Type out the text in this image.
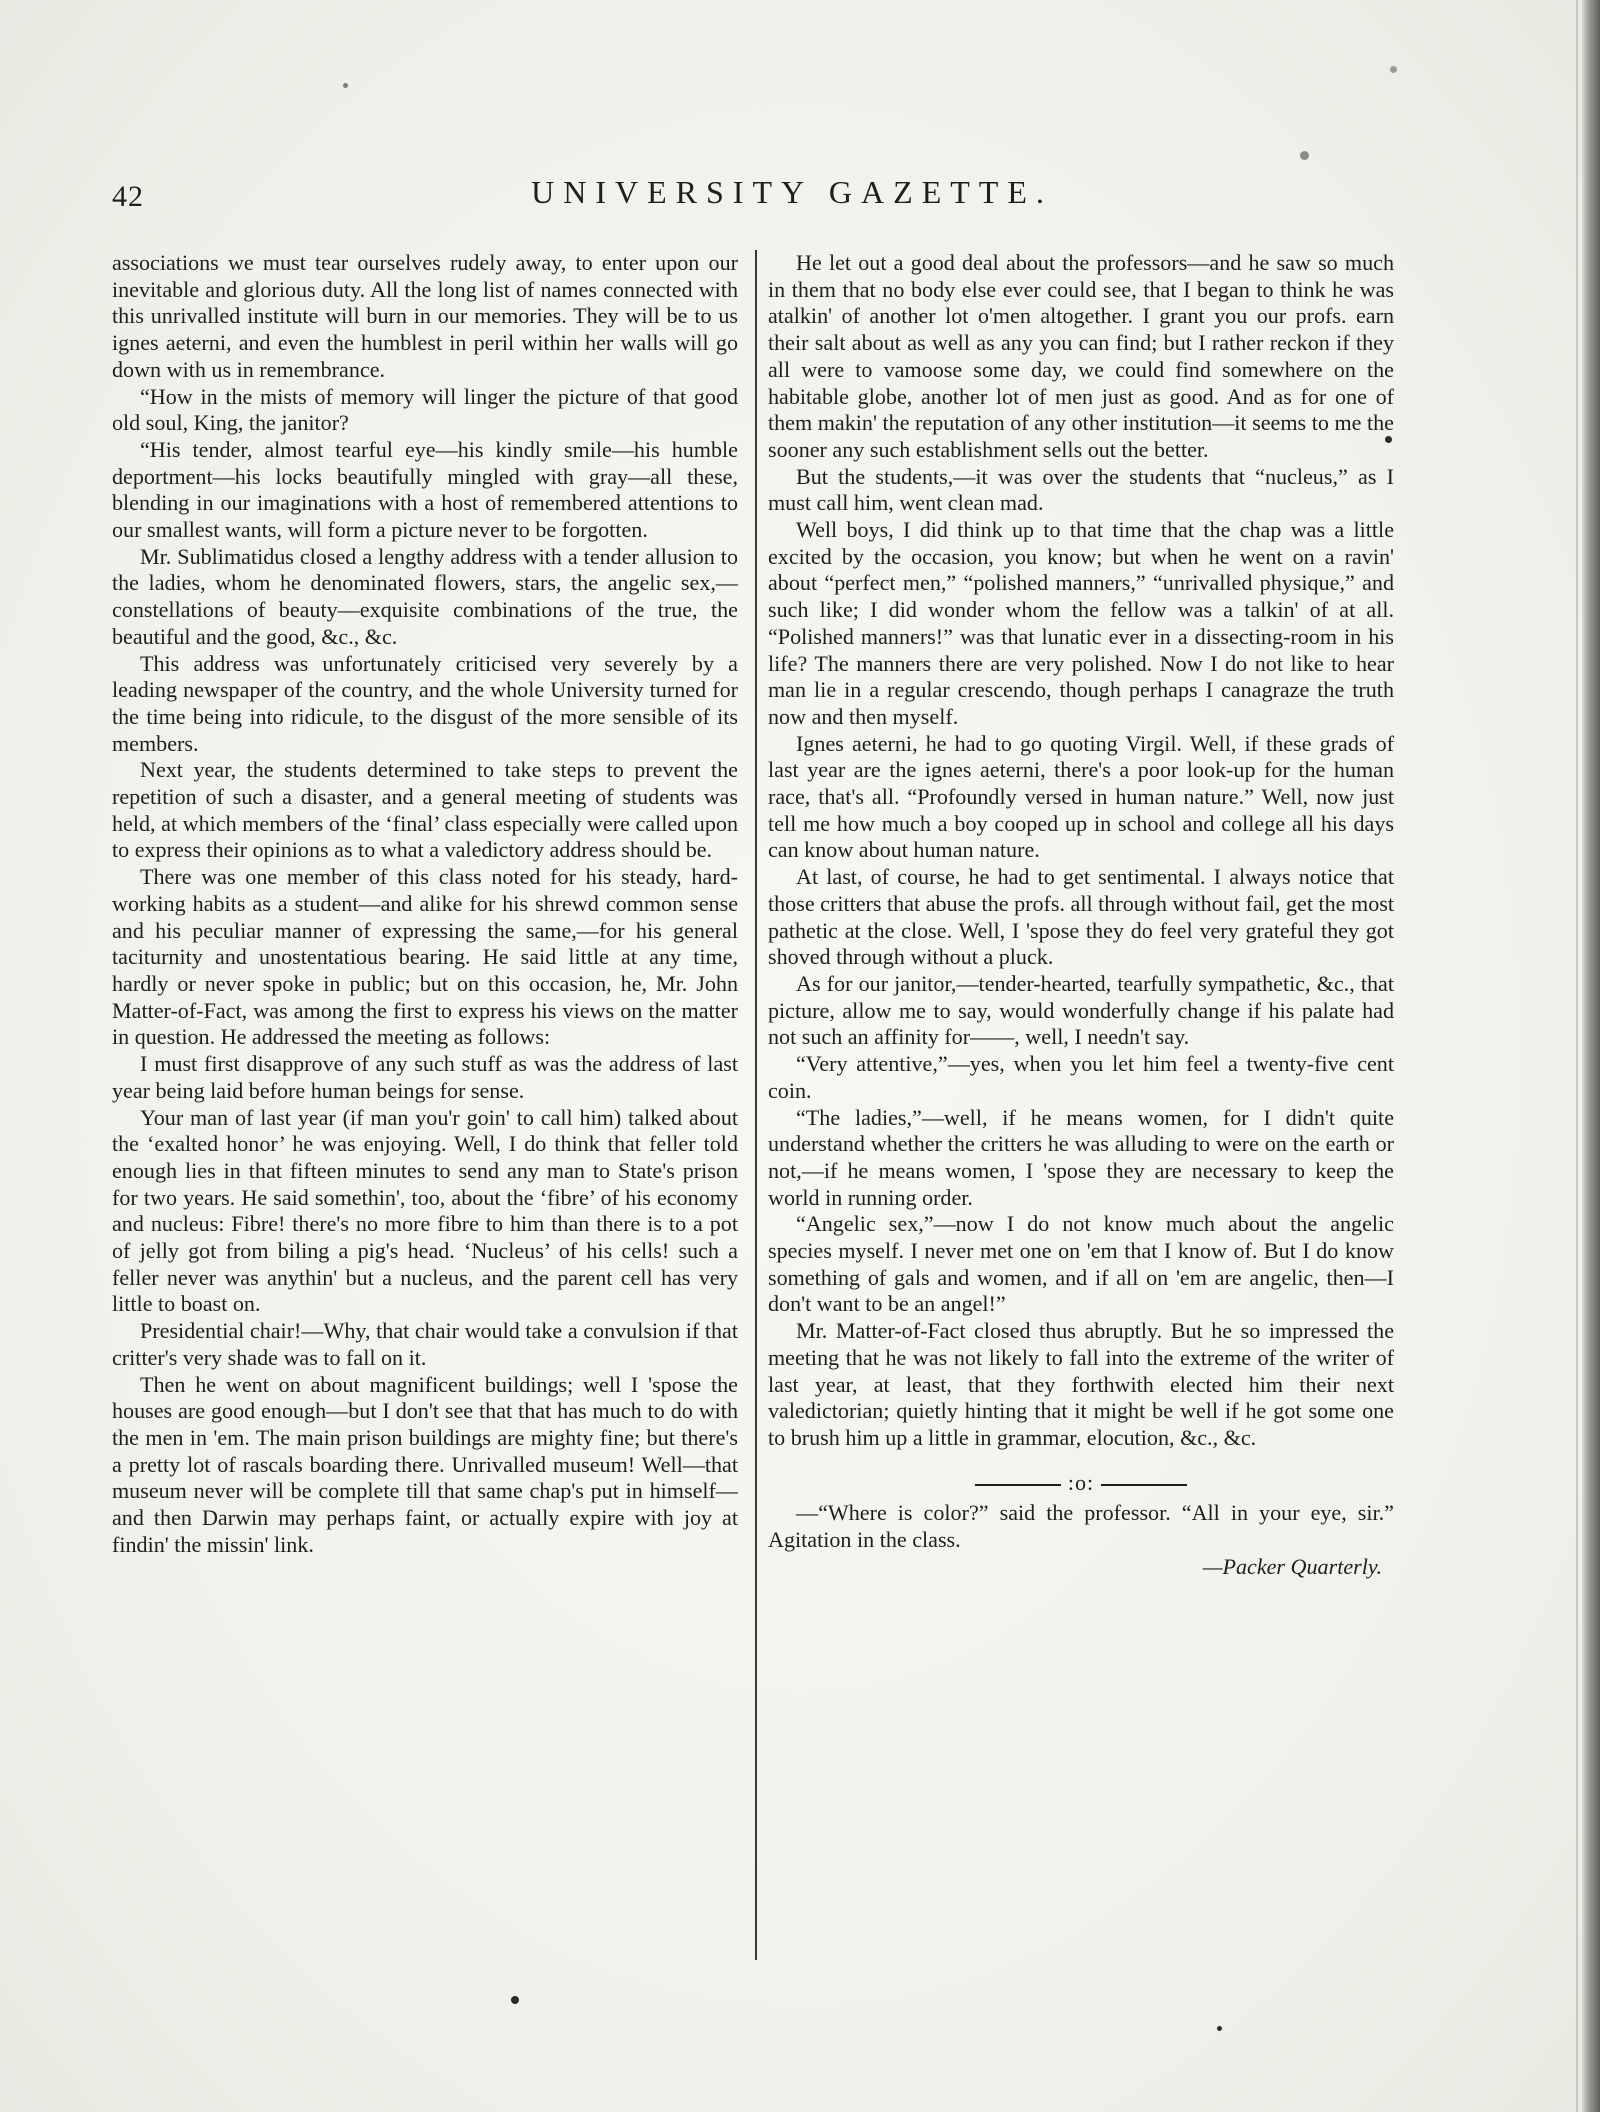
42	UNIVERSITY GAZETTE.

associations we must tear ourselves rudely away, to enter upon our inevitable and glorious duty. All the long list of names connected with this unrivalled institute will burn in our memories. They will be to us ignes aeterni, and even the humblest in peril within her walls will go down with us in remembrance.

“How in the mists of memory will linger the picture of that good old soul, King, the janitor?

“His tender, almost tearful eye—his kindly smile—his humble deportment—his locks beautifully mingled with gray—all these, blending in our imaginations with a host of remembered attentions to our smallest wants, will form a picture never to be forgotten.

Mr. Sublimatidus closed a lengthy address with a tender allusion to the ladies, whom he denominated flowers, stars, the angelic sex,—constellations of beauty—exquisite combinations of the true, the beautiful and the good, &c., &c.

This address was unfortunately criticised very severely by a leading newspaper of the country, and the whole University turned for the time being into ridicule, to the disgust of the more sensible of its members.

Next year, the students determined to take steps to prevent the repetition of such a disaster, and a general meeting of students was held, at which members of the ‘final’ class especially were called upon to express their opinions as to what a valedictory address should be.

There was one member of this class noted for his steady, hard-working habits as a student—and alike for his shrewd common sense and his peculiar manner of expressing the same,—for his general taciturnity and unostentatious bearing. He said little at any time, hardly or never spoke in public; but on this occasion, he, Mr. John Matter-of-Fact, was among the first to express his views on the matter in question. He addressed the meeting as follows:

I must first disapprove of any such stuff as was the address of last year being laid before human beings for sense.

Your man of last year (if man you'r goin' to call him) talked about the ‘exalted honor’ he was enjoying. Well, I do think that feller told enough lies in that fifteen minutes to send any man to State's prison for two years. He said somethin', too, about the ‘fibre’ of his economy and nucleus: Fibre! there's no more fibre to him than there is to a pot of jelly got from biling a pig's head. ‘Nucleus’ of his cells! such a feller never was anythin' but a nucleus, and the parent cell has very little to boast on.

Presidential chair!—Why, that chair would take a convulsion if that critter's very shade was to fall on it.

Then he went on about magnificent buildings; well I 'spose the houses are good enough—but I don't see that that has much to do with the men in 'em. The main prison buildings are mighty fine; but there's a pretty lot of rascals boarding there. Unrivalled museum! Well—that museum never will be complete till that same chap's put in himself—and then Darwin may perhaps faint, or actually expire with joy at findin' the missin' link.

He let out a good deal about the professors—and he saw so much in them that no body else ever could see, that I began to think he was atalkin' of another lot o'men altogether. I grant you our profs. earn their salt about as well as any you can find; but I rather reckon if they all were to vamoose some day, we could find somewhere on the habitable globe, another lot of men just as good. And as for one of them makin' the reputation of any other institution—it seems to me the sooner any such establishment sells out the better.

But the students,—it was over the students that “nucleus,” as I must call him, went clean mad.

Well boys, I did think up to that time that the chap was a little excited by the occasion, you know; but when he went on a ravin' about “perfect men,” “polished manners,” “unrivalled physique,” and such like; I did wonder whom the fellow was a talkin' of at all. “Polished manners!” was that lunatic ever in a dissecting-room in his life? The manners there are very polished. Now I do not like to hear man lie in a regular crescendo, though perhaps I canagraze the truth now and then myself.

Ignes aeterni, he had to go quoting Virgil. Well, if these grads of last year are the ignes aeterni, there's a poor look-up for the human race, that's all. “Profoundly versed in human nature.” Well, now just tell me how much a boy cooped up in school and college all his days can know about human nature.

At last, of course, he had to get sentimental. I always notice that those critters that abuse the profs. all through without fail, get the most pathetic at the close. Well, I 'spose they do feel very grateful they got shoved through without a pluck.

As for our janitor,—tender-hearted, tearfully sympathetic, &c., that picture, allow me to say, would wonderfully change if his palate had not such an affinity for——, well, I needn't say.

“Very attentive,”—yes, when you let him feel a twenty-five cent coin.

“The ladies,”—well, if he means women, for I didn't quite understand whether the critters he was alluding to were on the earth or not,—if he means women, I 'spose they are necessary to keep the world in running order.

“Angelic sex,”—now I do not know much about the angelic species myself. I never met one on 'em that I know of. But I do know something of gals and women, and if all on 'em are angelic, then—I don't want to be an angel!”

Mr. Matter-of-Fact closed thus abruptly. But he so impressed the meeting that he was not likely to fall into the extreme of the writer of last year, at least, that they forthwith elected him their next valedictorian; quietly hinting that it might be well if he got some one to brush him up a little in grammar, elocution, &c., &c.

:o:

—“Where is color?” said the professor. “All in your eye, sir.” Agitation in the class.

—Packer Quarterly.
